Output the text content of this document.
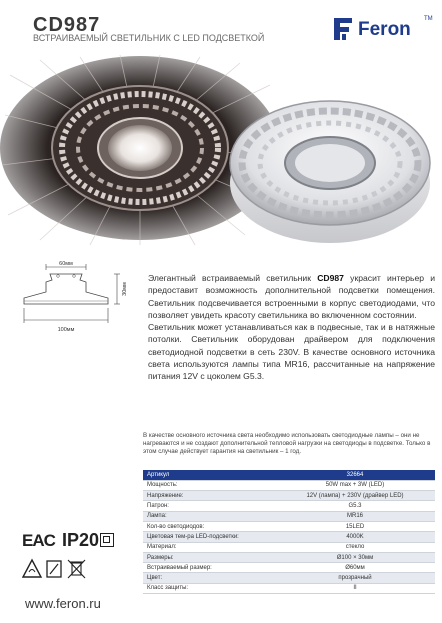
CD987
ВСТРАИВАЕМЫЙ СВЕТИЛЬНИК С LED ПОДСВЕТКОЙ	Feron TM
60мм
30мм
100мм

Элегантный встраиваемый светильник CD987 украсит интерьер и предоставит возможность дополнительной подсветки помещения. Светильник подсвечивается встроенными в корпус светодиодами, что позволяет увидеть красоту светильника во включенном состоянии.

Светильник может устанавливаться как в подвесные, так и в натяжные потолки. Светильник оборудован драйвером для подключения светодиодной подсветки в сеть 230V. В качестве основного источника света используются лампы типа MR16, рассчитанные на напряжение питания 12V с цоколем G5.3.

В качестве основного источника света необходимо использовать светодиодные лампы – они не нагреваются и не создают дополнительной тепловой нагрузки на светодиоды в подсветке. Только в этом случае действует гарантия на светильник – 1 год.
Артикул	32664
Мощность:	50W max + 3W (LED)
Напряжение:	12V (лампа) + 230V (драйвер LED)
Патрон:	G5.3
Лампа:	MR16
Кол-во светодиодов:	15LED
Цветовая тем-ра LED-подсветки:	4000K
Материал:	стекло
Размеры:	Ø100 × 30мм
Встраиваемый размер:	Ø60мм
Цвет:	прозрачный
Класс защиты:	II
EAC IP20
www.feron.ru
